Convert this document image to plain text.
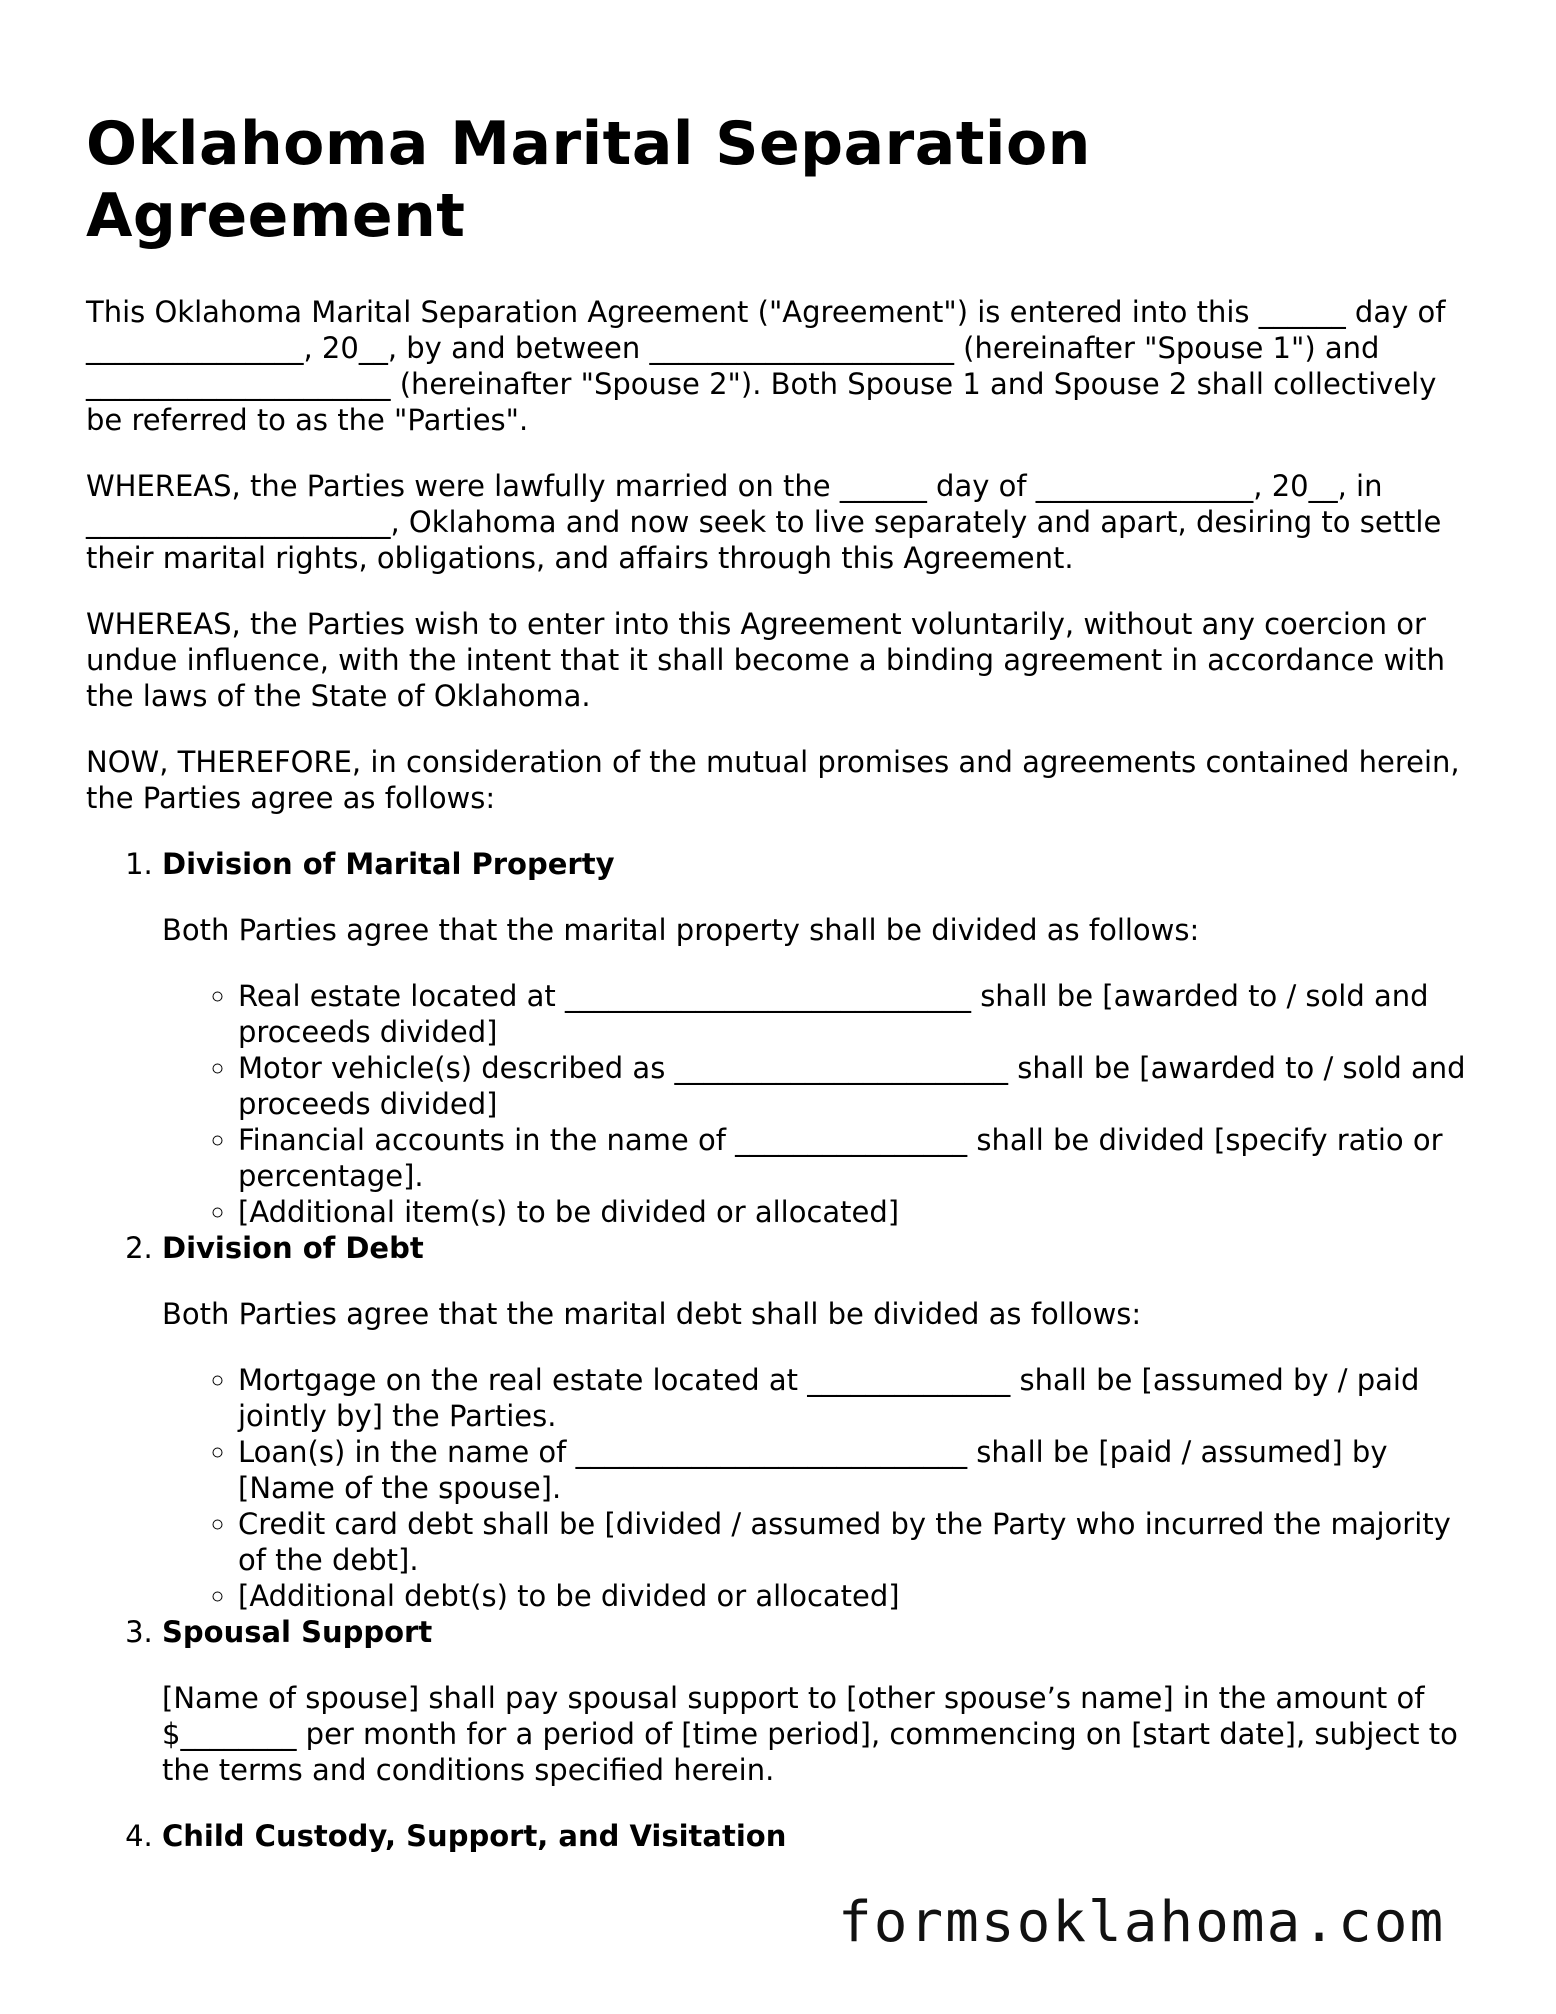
Oklahoma Marital Separation Agreement

This Oklahoma Marital Separation Agreement ("Agreement") is entered into this ______ day of _______________, 20__, by and between _____________________ (hereinafter "Spouse 1") and _____________________ (hereinafter "Spouse 2"). Both Spouse 1 and Spouse 2 shall collectively be referred to as the "Parties".

WHEREAS, the Parties were lawfully married on the ______ day of _______________, 20__, in _____________________, Oklahoma and now seek to live separately and apart, desiring to settle their marital rights, obligations, and affairs through this Agreement.

WHEREAS, the Parties wish to enter into this Agreement voluntarily, without any coercion or undue influence, with the intent that it shall become a binding agreement in accordance with the laws of the State of Oklahoma.

NOW, THEREFORE, in consideration of the mutual promises and agreements contained herein, the Parties agree as follows:

1. Division of Marital Property
Both Parties agree that the marital property shall be divided as follows:
◦ Real estate located at ____________________________ shall be [awarded to / sold and proceeds divided]
◦ Motor vehicle(s) described as _______________________ shall be [awarded to / sold and proceeds divided]
◦ Financial accounts in the name of ________________ shall be divided [specify ratio or percentage].
◦ [Additional item(s) to be divided or allocated]
2. Division of Debt
Both Parties agree that the marital debt shall be divided as follows:
◦ Mortgage on the real estate located at ______________ shall be [assumed by / paid jointly by] the Parties.
◦ Loan(s) in the name of ___________________________ shall be [paid / assumed] by [Name of the spouse].
◦ Credit card debt shall be [divided / assumed by the Party who incurred the majority of the debt].
◦ [Additional debt(s) to be divided or allocated]
3. Spousal Support
[Name of spouse] shall pay spousal support to [other spouse’s name] in the amount of $________ per month for a period of [time period], commencing on [start date], subject to the terms and conditions specified herein.
4. Child Custody, Support, and Visitation
formsoklahoma.com
